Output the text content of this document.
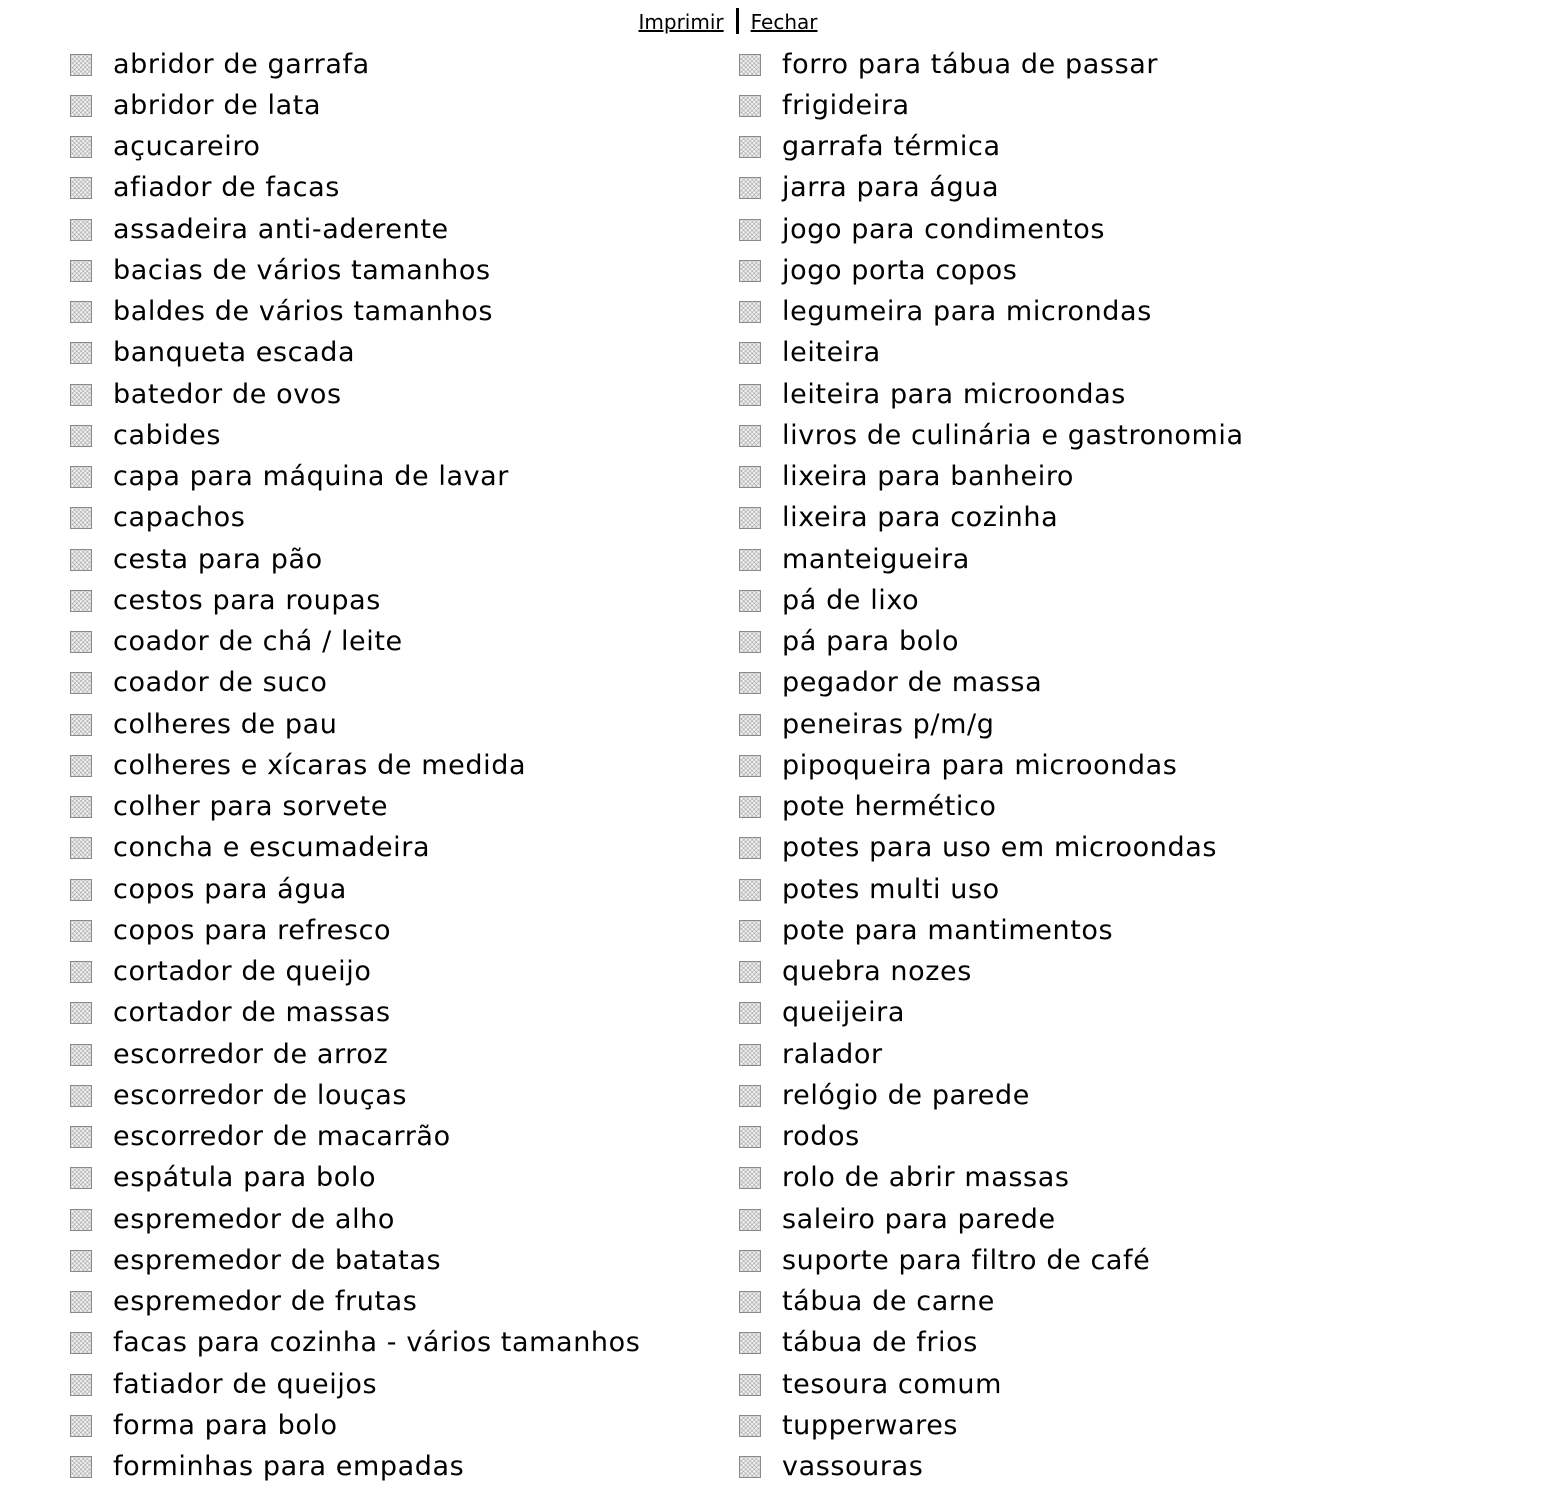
Imprimir Fechar
abridor de garrafa
abridor de lata
açucareiro
afiador de facas
assadeira anti-aderente
bacias de vários tamanhos
baldes de vários tamanhos
banqueta escada
batedor de ovos
cabides
capa para máquina de lavar
capachos
cesta para pão
cestos para roupas
coador de chá / leite
coador de suco
colheres de pau
colheres e xícaras de medida
colher para sorvete
concha e escumadeira
copos para água
copos para refresco
cortador de queijo
cortador de massas
escorredor de arroz
escorredor de louças
escorredor de macarrão
espátula para bolo
espremedor de alho
espremedor de batatas
espremedor de frutas
facas para cozinha - vários tamanhos
fatiador de queijos
forma para bolo
forminhas para empadas
forro para tábua de passar
frigideira
garrafa térmica
jarra para água
jogo para condimentos
jogo porta copos
legumeira para microndas
leiteira
leiteira para microondas
livros de culinária e gastronomia
lixeira para banheiro
lixeira para cozinha
manteigueira
pá de lixo
pá para bolo
pegador de massa
peneiras p/m/g
pipoqueira para microondas
pote hermético
potes para uso em microondas
potes multi uso
pote para mantimentos
quebra nozes
queijeira
ralador
relógio de parede
rodos
rolo de abrir massas
saleiro para parede
suporte para filtro de café
tábua de carne
tábua de frios
tesoura comum
tupperwares
vassouras
